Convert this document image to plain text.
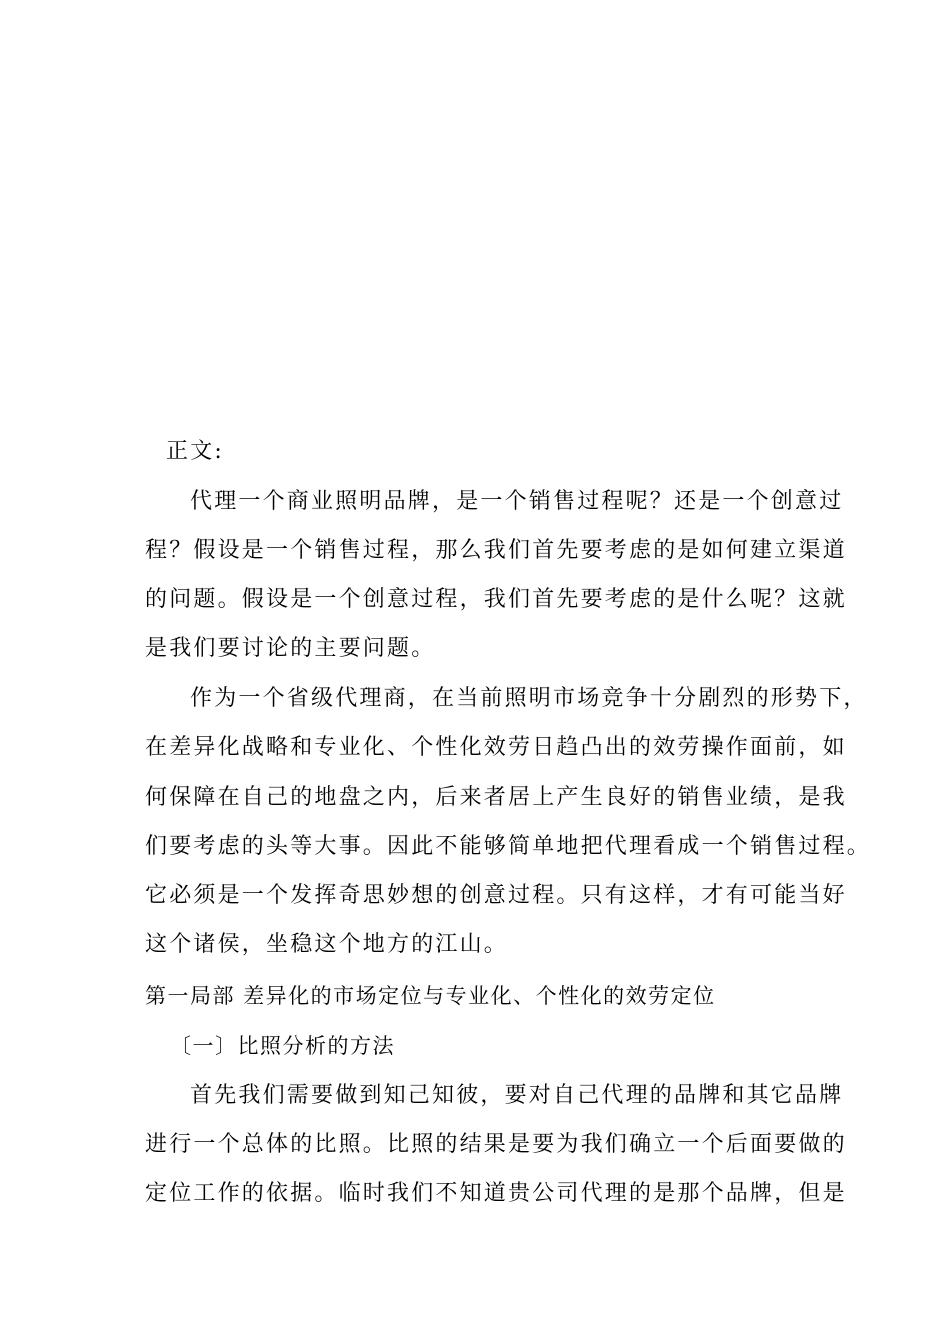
正文:
代理一个商业照明品牌，是一个销售过程呢？还是一个创意过
程？假设是一个销售过程，那么我们首先要考虑的是如何建立渠道
的问题。假设是一个创意过程，我们首先要考虑的是什么呢？这就
是我们要讨论的主要问题。
作为一个省级代理商，在当前照明市场竞争十分剧烈的形势下，
在差异化战略和专业化、个性化效劳日趋凸出的效劳操作面前，如
何保障在自己的地盘之内，后来者居上产生良好的销售业绩，是我
们要考虑的头等大事。因此不能够简单地把代理看成一个销售过程。
它必须是一个发挥奇思妙想的创意过程。只有这样，才有可能当好
这个诸侯，坐稳这个地方的江山。
第一局部 差异化的市场定位与专业化、个性化的效劳定位
〔一〕比照分析的方法
首先我们需要做到知己知彼，要对自己代理的品牌和其它品牌
进行一个总体的比照。比照的结果是要为我们确立一个后面要做的
定位工作的依据。临时我们不知道贵公司代理的是那个品牌，但是
